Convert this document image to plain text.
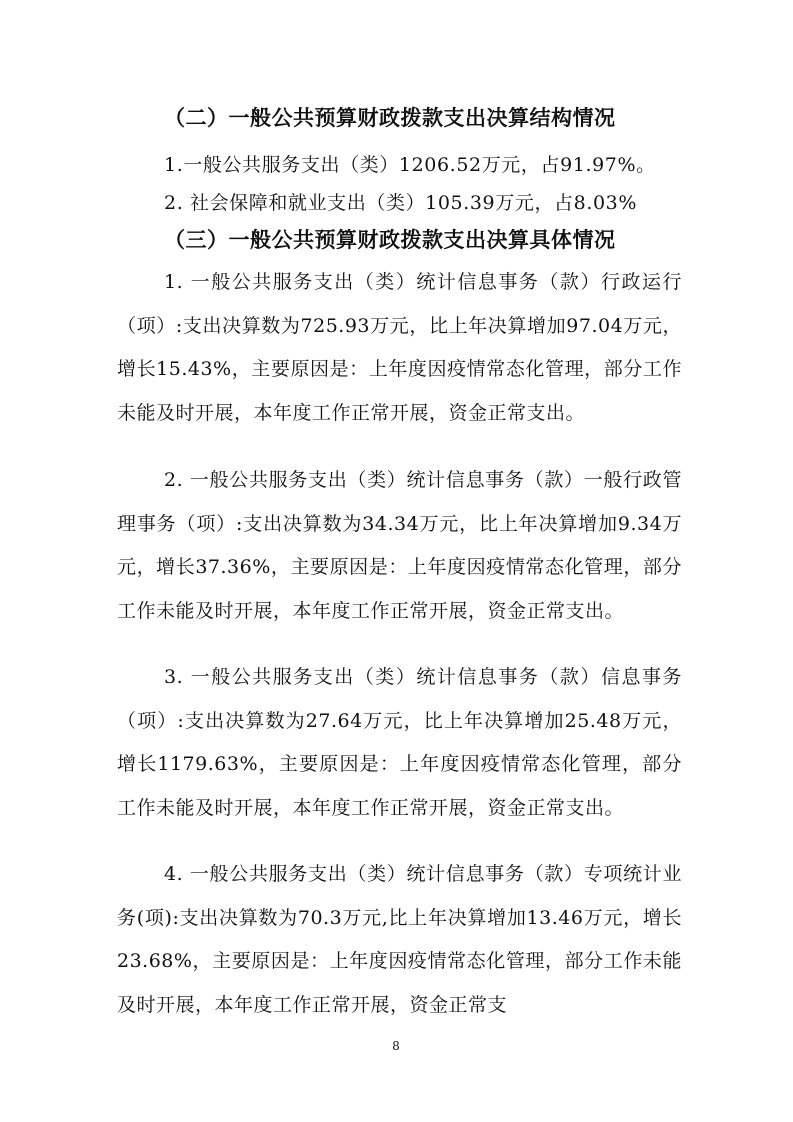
（二）一般公共预算财政拨款支出决算结构情况
1.一般公共服务支出（类）1206.52万元，占91.97%。
2. 社会保障和就业支出（类）105.39万元，占8.03%
（三）一般公共预算财政拨款支出决算具体情况

1. 一般公共服务支出（类）统计信息事务（款）行政运行（项）:支出决算数为725.93万元，比上年决算增加97.04万元，增长15.43%，主要原因是：上年度因疫情常态化管理，部分工作未能及时开展，本年度工作正常开展，资金正常支出。

2. 一般公共服务支出（类）统计信息事务（款）一般行政管理事务（项）:支出决算数为34.34万元，比上年决算增加9.34万元，增长37.36%，主要原因是：上年度因疫情常态化管理，部分工作未能及时开展，本年度工作正常开展，资金正常支出。

3. 一般公共服务支出（类）统计信息事务（款）信息事务（项）:支出决算数为27.64万元，比上年决算增加25.48万元，增长1179.63%，主要原因是：上年度因疫情常态化管理，部分工作未能及时开展，本年度工作正常开展，资金正常支出。

4. 一般公共服务支出（类）统计信息事务（款）专项统计业务(项):支出决算数为70.3万元,比上年决算增加13.46万元，增长23.68%，主要原因是：上年度因疫情常态化管理，部分工作未能及时开展，本年度工作正常开展，资金正常支

8
